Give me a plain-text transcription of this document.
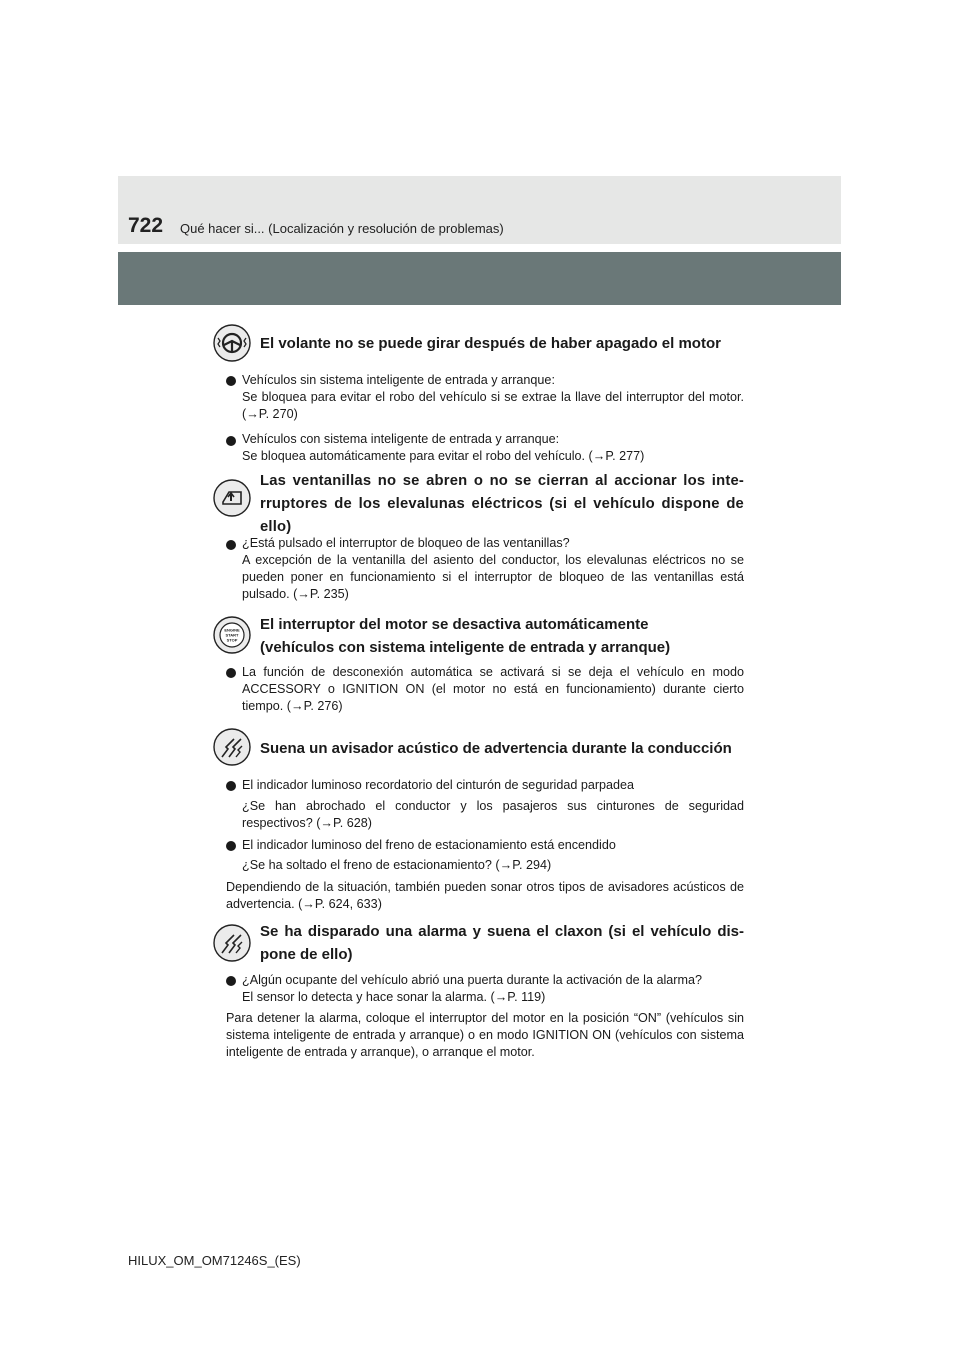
722 Qué hacer si... (Localización y resolución de problemas)
El volante no se puede girar después de haber apagado el motor
Vehículos sin sistema inteligente de entrada y arranque:
Se bloquea para evitar el robo del vehículo si se extrae la llave del interruptor del motor. (→P. 270)
Vehículos con sistema inteligente de entrada y arranque:
Se bloquea automáticamente para evitar el robo del vehículo. (→P. 277)
Las ventanillas no se abren o no se cierran al accionar los inte-
rruptores de los elevalunas eléctricos (si el vehículo dispone de
ello)
¿Está pulsado el interruptor de bloqueo de las ventanillas?
A excepción de la ventanilla del asiento del conductor, los elevalunas eléctricos no se pueden poner en funcionamiento si el interruptor de bloqueo de las ventanillas está pulsado. (→P. 235)
ENGINE
START
STOP
El interruptor del motor se desactiva automáticamente
(vehículos con sistema inteligente de entrada y arranque)
La función de desconexión automática se activará si se deja el vehículo en modo ACCESSORY o IGNITION ON (el motor no está en funcionamiento) durante cierto tiempo. (→P. 276)
Suena un avisador acústico de advertencia durante la conducción
El indicador luminoso recordatorio del cinturón de seguridad parpadea
¿Se han abrochado el conductor y los pasajeros sus cinturones de seguridad respectivos? (→P. 628)
El indicador luminoso del freno de estacionamiento está encendido
¿Se ha soltado el freno de estacionamiento? (→P. 294)
Dependiendo de la situación, también pueden sonar otros tipos de avisadores acústicos de advertencia. (→P. 624, 633)
Se ha disparado una alarma y suena el claxon (si el vehículo dis-
pone de ello)
¿Algún ocupante del vehículo abrió una puerta durante la activación de la alarma?
El sensor lo detecta y hace sonar la alarma. (→P. 119)
Para detener la alarma, coloque el interruptor del motor en la posición “ON” (vehículos sin sistema inteligente de entrada y arranque) o en modo IGNITION ON (vehículos con sistema inteligente de entrada y arranque), o arranque el motor.
HILUX_OM_OM71246S_(ES)
